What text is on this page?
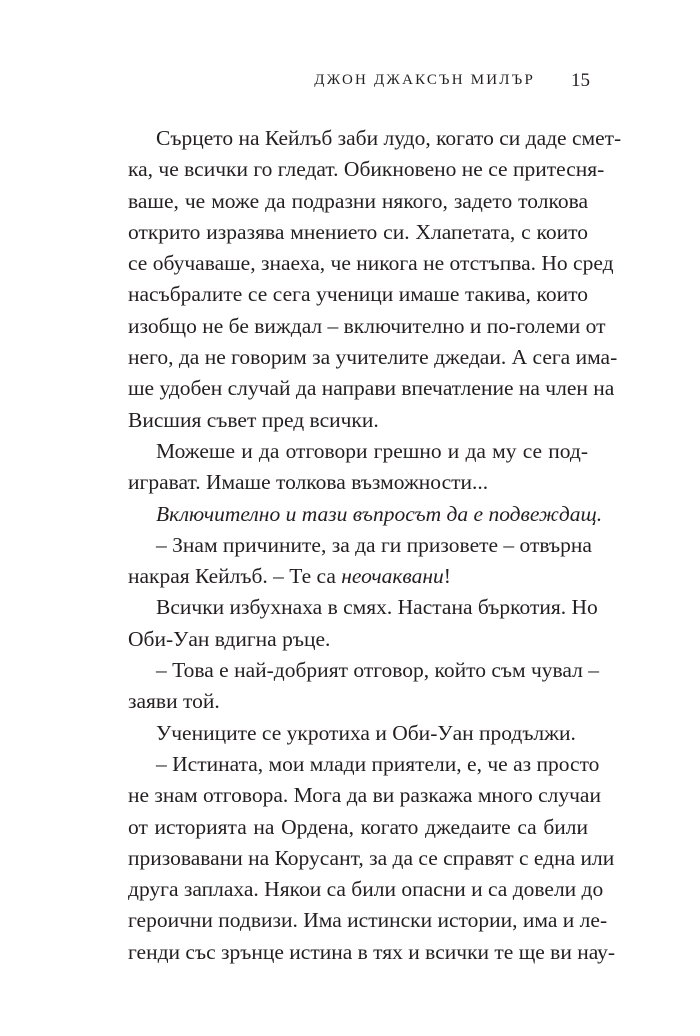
ДЖОН ДЖАКСЪН МИЛЪР 15

Сърцето на Кейлъб заби лудо, когато си даде смет-
ка, че всички го гледат. Обикновено не се притесня-
ваше, че може да подразни някого, задето толкова
открито изразява мнението си. Хлапетата, с които
се обучаваше, знаеха, че никога не отстъпва. Но сред
насъбралите се сега ученици имаше такива, които
изобщо не бе виждал – включително и по-големи от
него, да не говорим за учителите джедаи. А сега има-
ше удобен случай да направи впечатление на член на
Висшия съвет пред всички.

Можеше и да отговори грешно и да му се под-
играват. Имаше толкова възможности...

Включително и тази въпросът да е подвеждащ.

– Знам причините, за да ги призовете – отвърна
накрая Кейлъб. – Те са неочаквани!

Всички избухнаха в смях. Настана бъркотия. Но
Оби-Уан вдигна ръце.

– Това е най-добрият отговор, който съм чувал –
заяви той.

Учениците се укротиха и Оби-Уан продължи.

– Истината, мои млади приятели, е, че аз просто
не знам отговора. Мога да ви разкажа много случаи
от историята на Ордена, когато джедаите са били
призовавани на Корусант, за да се справят с една или
друга заплаха. Някои са били опасни и са довели до
героични подвизи. Има истински истории, има и ле-
генди със зрънце истина в тях и всички те ще ви нау-
